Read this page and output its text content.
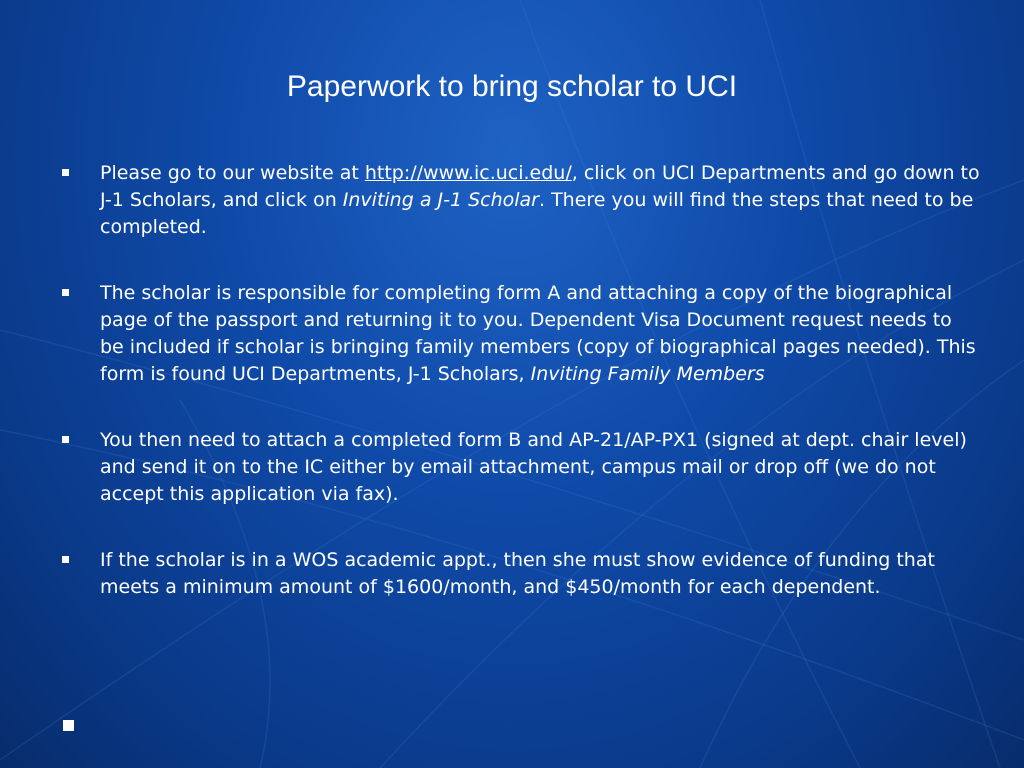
Paperwork to bring scholar to UCI
Please go to our website at http://www.ic.uci.edu/, click on UCI Departments and go down to J-1 Scholars, and click on Inviting a J-1 Scholar. There you will find the steps that need to be completed.
The scholar is responsible for completing form A and attaching a copy of the biographical page of the passport and returning it to you. Dependent Visa Document request needs to be included if scholar is bringing family members (copy of biographical pages needed). This form is found UCI Departments, J-1 Scholars, Inviting Family Members
You then need to attach a completed form B and AP-21/AP-PX1 (signed at dept. chair level) and send it on to the IC either by email attachment, campus mail or drop off (we do not accept this application via fax).
If the scholar is in a WOS academic appt., then she must show evidence of funding that meets a minimum amount of $1600/month, and $450/month for each dependent.
